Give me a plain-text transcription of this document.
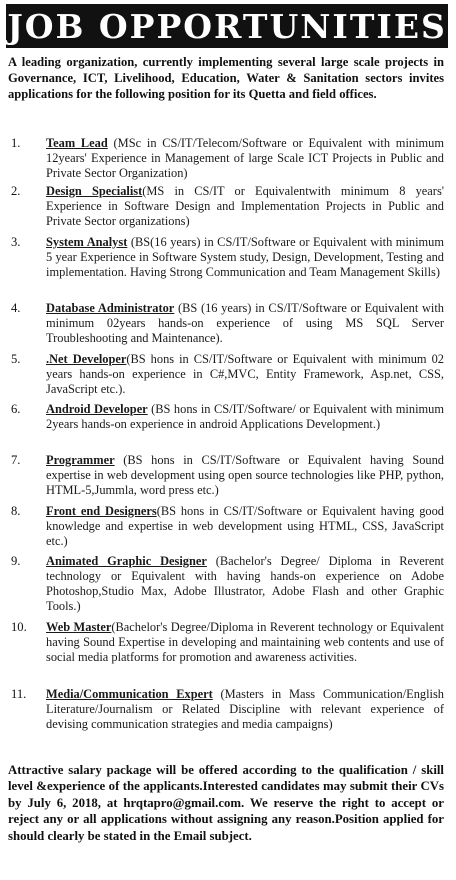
JOB OPPORTUNITIES

A leading organization, currently implementing several large scale projects in Governance, ICT, Livelihood, Education, Water & Sanitation sectors invites applications for the following position for its Quetta and field offices.

1. Team Lead (MSc in CS/IT/Telecom/Software or Equivalent with minimum 12years' Experience in Management of large Scale ICT Projects in Public and Private Sector Organization)

2. Design Specialist(MS in CS/IT or Equivalentwith minimum 8 years' Experience in Software Design and Implementation Projects in Public and Private Sector organizations)

3. System Analyst (BS(16 years) in CS/IT/Software or Equivalent with minimum 5 year Experience in Software System study, Design, Development, Testing and implementation. Having Strong Communication and Team Management Skills)

4. Database Administrator (BS (16 years) in CS/IT/Software or Equivalent with minimum 02years hands-on experience of using MS SQL Server Troubleshooting and Maintenance).

5. .Net Developer(BS hons in CS/IT/Software or Equivalent with minimum 02 years hands-on experience in C#,MVC, Entity Framework, Asp.net, CSS, JavaScript etc.).

6. Android Developer (BS hons in CS/IT/Software/ or Equivalent with minimum 2years hands-on experience in android Applications Development.)

7. Programmer (BS hons in CS/IT/Software or Equivalent having Sound expertise in web development using open source technologies like PHP, python, HTML-5,Jummla, word press etc.)

8. Front end Designers(BS hons in CS/IT/Software or Equivalent having good knowledge and expertise in web development using HTML, CSS, JavaScript etc.)

9. Animated Graphic Designer (Bachelor's Degree/ Diploma in Reverent technology or Equivalent with having hands-on experience on Adobe Photoshop,Studio Max, Adobe Illustrator, Adobe Flash and other Graphic Tools.)

10. Web Master(Bachelor's Degree/Diploma in Reverent technology or Equivalent having Sound Expertise in developing and maintaining web contents and use of social media platforms for promotion and awareness activities.

11. Media/Communication Expert (Masters in Mass Communication/English Literature/Journalism or Related Discipline with relevant experience of devising communication strategies and media campaigns)

Attractive salary package will be offered according to the qualification / skill level &experience of the applicants.Interested candidates may submit their CVs by July 6, 2018, at hrqtapro@gmail.com. We reserve the right to accept or reject any or all applications without assigning any reason.Position applied for should clearly be stated in the Email subject.
